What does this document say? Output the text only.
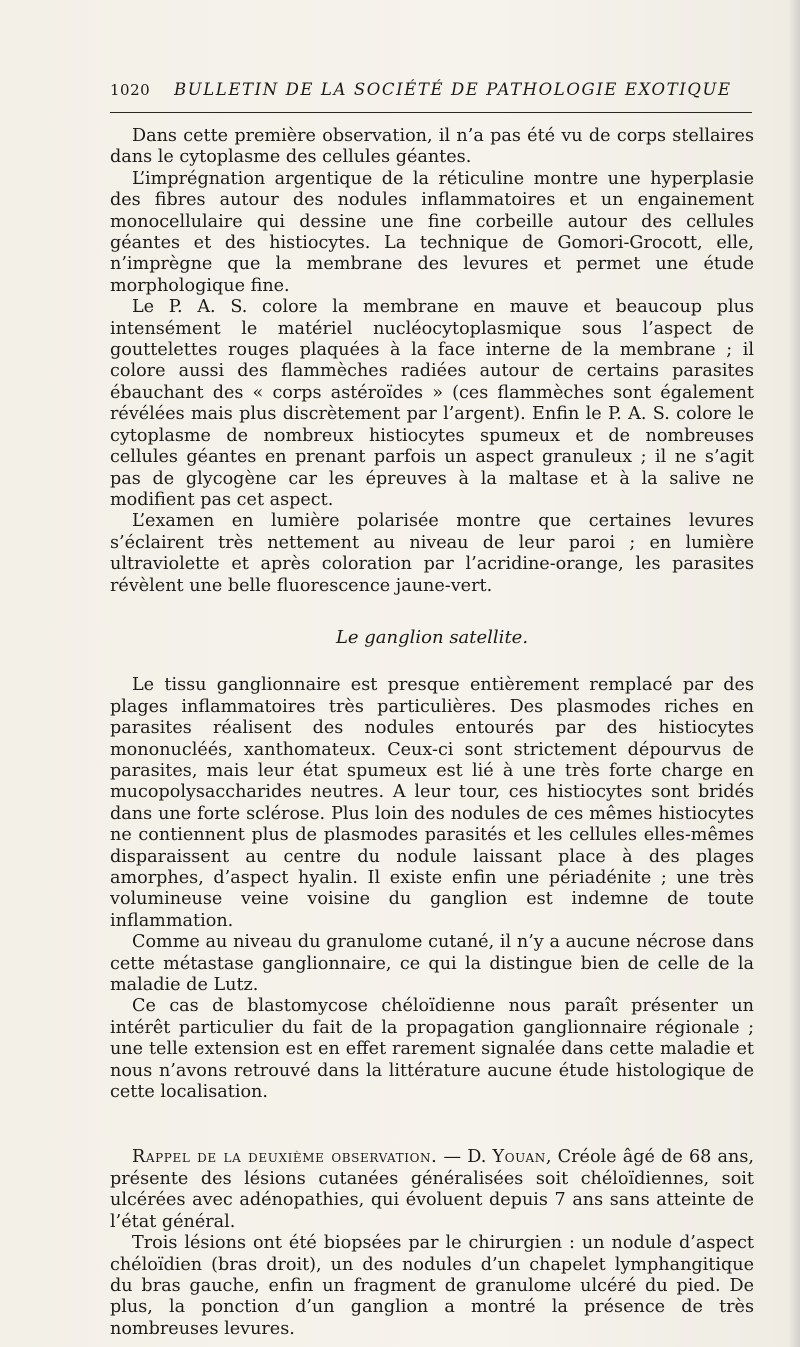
1020	BULLETIN DE LA SOCIÉTÉ DE PATHOLOGIE EXOTIQUE

Dans cette première observation, il n’a pas été vu de corps stellaires dans le cytoplasme des cellules géantes.

L’imprégnation argentique de la réticuline montre une hyperplasie des fibres autour des nodules inflammatoires et un engainement monocellulaire qui dessine une fine corbeille autour des cellules géantes et des histiocytes. La technique de Gomori-Grocott, elle, n’imprègne que la membrane des levures et permet une étude morphologique fine.

Le P. A. S. colore la membrane en mauve et beaucoup plus intensément le matériel nucléocytoplasmique sous l’aspect de gouttelettes rouges plaquées à la face interne de la membrane ; il colore aussi des flammèches radiées autour de certains parasites ébauchant des « corps astéroïdes » (ces flammèches sont également révélées mais plus discrètement par l’argent). Enfin le P. A. S. colore le cytoplasme de nombreux histiocytes spumeux et de nombreuses cellules géantes en prenant parfois un aspect granuleux ; il ne s’agit pas de glycogène car les épreuves à la maltase et à la salive ne modifient pas cet aspect.

L’examen en lumière polarisée montre que certaines levures s’éclairent très nettement au niveau de leur paroi ; en lumière ultraviolette et après coloration par l’acridine-orange, les parasites révèlent une belle fluorescence jaune-vert.

Le ganglion satellite.

Le tissu ganglionnaire est presque entièrement remplacé par des plages inflammatoires très particulières. Des plasmodes riches en parasites réalisent des nodules entourés par des histiocytes mononucléés, xanthomateux. Ceux-ci sont strictement dépourvus de parasites, mais leur état spumeux est lié à une très forte charge en mucopolysaccharides neutres. A leur tour, ces histiocytes sont bridés dans une forte sclérose. Plus loin des nodules de ces mêmes histiocytes ne contiennent plus de plasmodes parasités et les cellules elles-mêmes disparaissent au centre du nodule laissant place à des plages amorphes, d’aspect hyalin. Il existe enfin une périadénite ; une très volumineuse veine voisine du ganglion est indemne de toute inflammation.

Comme au niveau du granulome cutané, il n’y a aucune nécrose dans cette métastase ganglionnaire, ce qui la distingue bien de celle de la maladie de Lutz.

Ce cas de blastomycose chéloïdienne nous paraît présenter un intérêt particulier du fait de la propagation ganglionnaire régionale ; une telle extension est en effet rarement signalée dans cette maladie et nous n’avons retrouvé dans la littérature aucune étude histologique de cette localisation.

Rappel de la deuxième observation. — D. Youan, Créole âgé de 68 ans, présente des lésions cutanées généralisées soit chéloïdiennes, soit ulcérées avec adénopathies, qui évoluent depuis 7 ans sans atteinte de l’état général.

Trois lésions ont été biopsées par le chirurgien : un nodule d’aspect chéloïdien (bras droit), un des nodules d’un chapelet lymphangitique du bras gauche, enfin un fragment de granulome ulcéré du pied. De plus, la ponction d’un ganglion a montré la présence de très nombreuses levures.
